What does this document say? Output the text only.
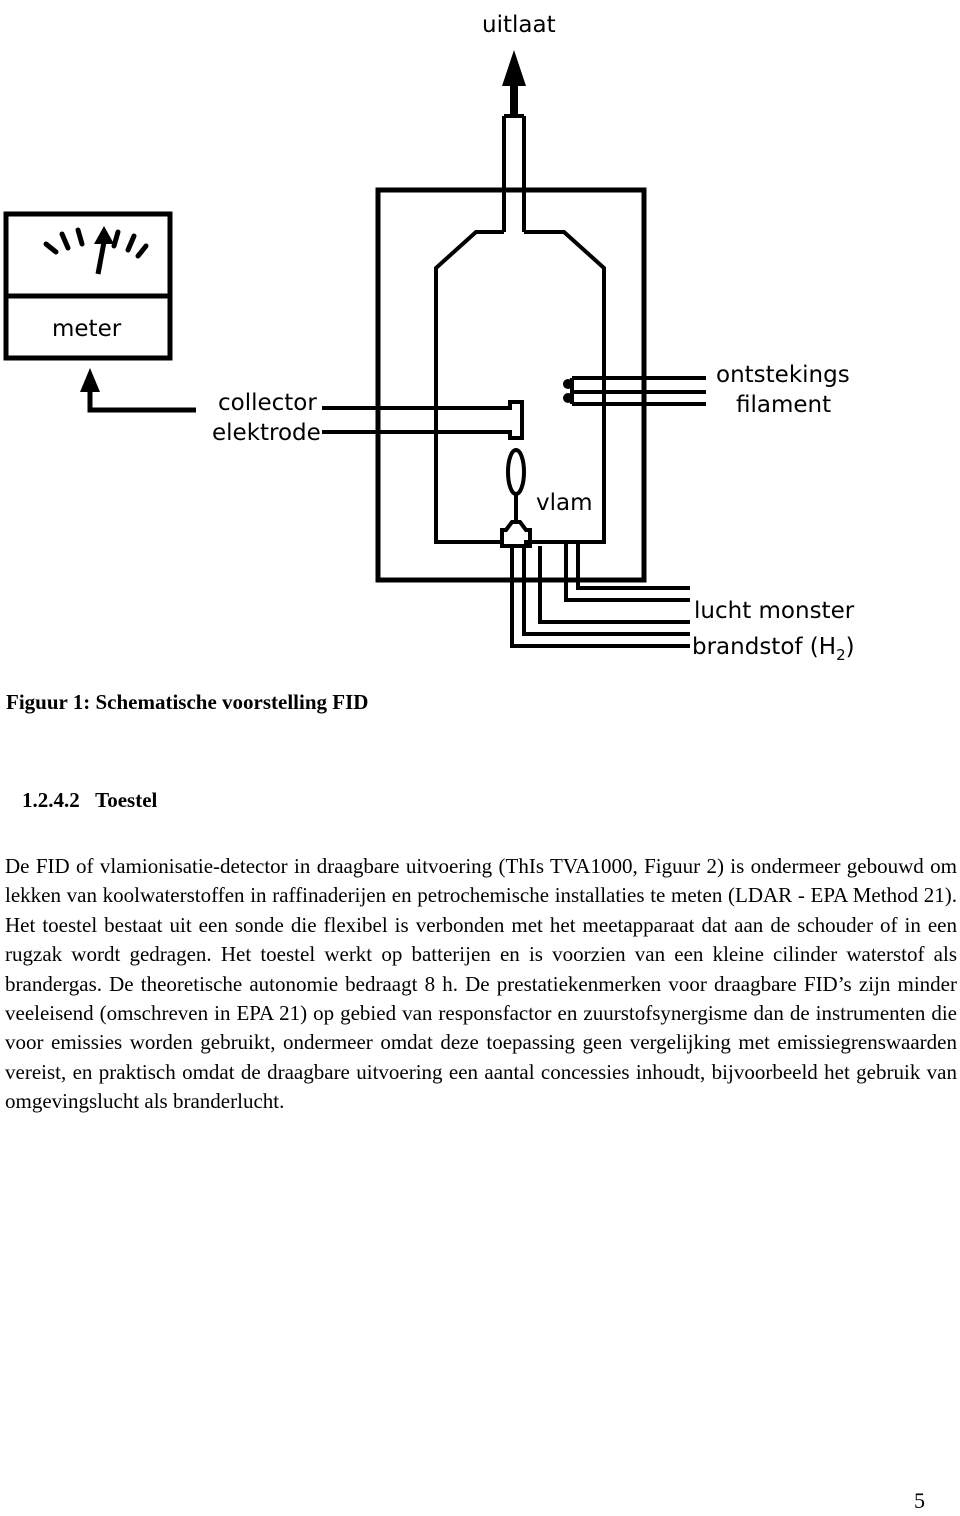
uitlaat
meter
collector
elektrode
ontstekings
filament
vlam
lucht monster
brandstof $(H_2)$
Figuur 1: Schematische voorstelling FID
1.2.4.2 Toestel
De FID of vlamionisatie-detector in draagbare uitvoering (ThIs TVA1000, Figuur 2) is ondermeer gebouwd om lekken van koolwaterstoffen in raffinaderijen en petrochemische installaties te meten (LDAR - EPA Method 21). Het toestel bestaat uit een sonde die flexibel is verbonden met het meetapparaat dat aan de schouder of in een rugzak wordt gedragen. Het toestel werkt op batterijen en is voorzien van een kleine cilinder waterstof als brandergas. De theoretische autonomie bedraagt 8 h. De prestatiekenmerken voor draagbare FID’s zijn minder veeleisend (omschreven in EPA 21) op gebied van responsfactor en zuurstofsynergisme dan de instrumenten die voor emissies worden gebruikt, ondermeer omdat deze toepassing geen vergelijking met emissiegrenswaarden vereist, en praktisch omdat de draagbare uitvoering een aantal concessies inhoudt, bijvoorbeeld het gebruik van omgevingslucht als branderlucht.
5
